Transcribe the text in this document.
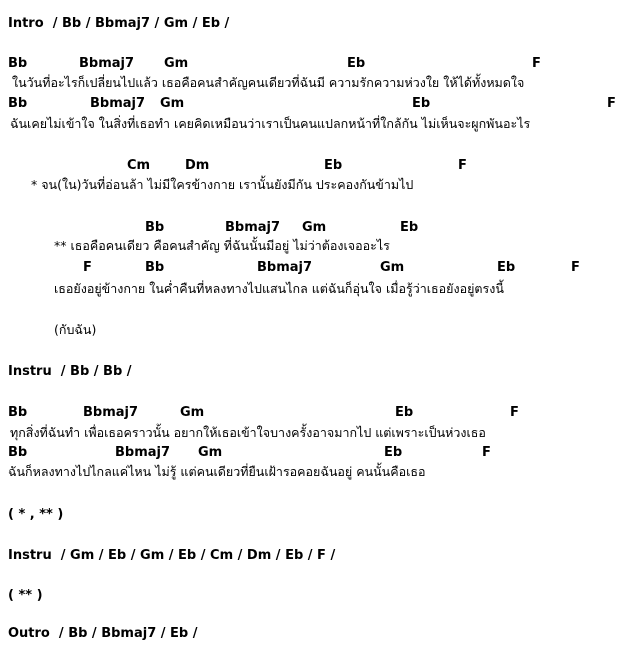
Intro  / Bb / Bbmaj7 / Gm / Eb /
Bb	Bbmaj7 Gm	Eb	F
ในวันที่อะไรก็เปลี่ยนไปแล้ว เธอคือคนสำคัญคนเดียวที่ฉันมี ความรักความห่วงใย ให้ได้ทั้งหมดใจ
Bb	Bbmaj7 Gm	Eb	F
ฉันเคยไม่เข้าใจ ในสิ่งที่เธอทำ เคยคิดเหมือนว่าเราเป็นคนแปลกหน้าที่ใกล้กัน ไม่เห็นจะผูกพันอะไร
Cm	Dm	Eb	F
* จน(ใน)วันที่อ่อนล้า ไม่มีใครข้างกาย เรานั้นยังมีกัน ประคองกันข้ามไป
Bb	Bbmaj7 Gm	Eb
** เธอคือคนเดียว คือคนสำคัญ ที่ฉันนั้นมีอยู่ ไม่ว่าต้องเจออะไร
F	Bb	Bbmaj7	Gm	Eb	F
เธอยังอยู่ข้างกาย ในค่ำคืนที่หลงทางไปแสนไกล แต่ฉันก็อุ่นใจ เมื่อรู้ว่าเธอยังอยู่ตรงนี้
(กับฉัน)
Instru  / Bb / Bb /
Bb	Bbmaj7	Gm	Eb	F
ทุกสิ่งที่ฉันทำ เพื่อเธอคราวนั้น อยากให้เธอเข้าใจบางครั้งอาจมากไป แต่เพราะเป็นห่วงเธอ
Bb	Bbmaj7 Gm	Eb	F
ฉันก็หลงทางไปไกลแค่ไหน ไม่รู้ แต่คนเดียวที่ยืนเฝ้ารอคอยฉันอยู่ คนนั้นคือเธอ
( * , ** )
Instru  / Gm / Eb / Gm / Eb / Cm / Dm / Eb / F /
( ** )
Outro  / Bb / Bbmaj7 / Eb /
